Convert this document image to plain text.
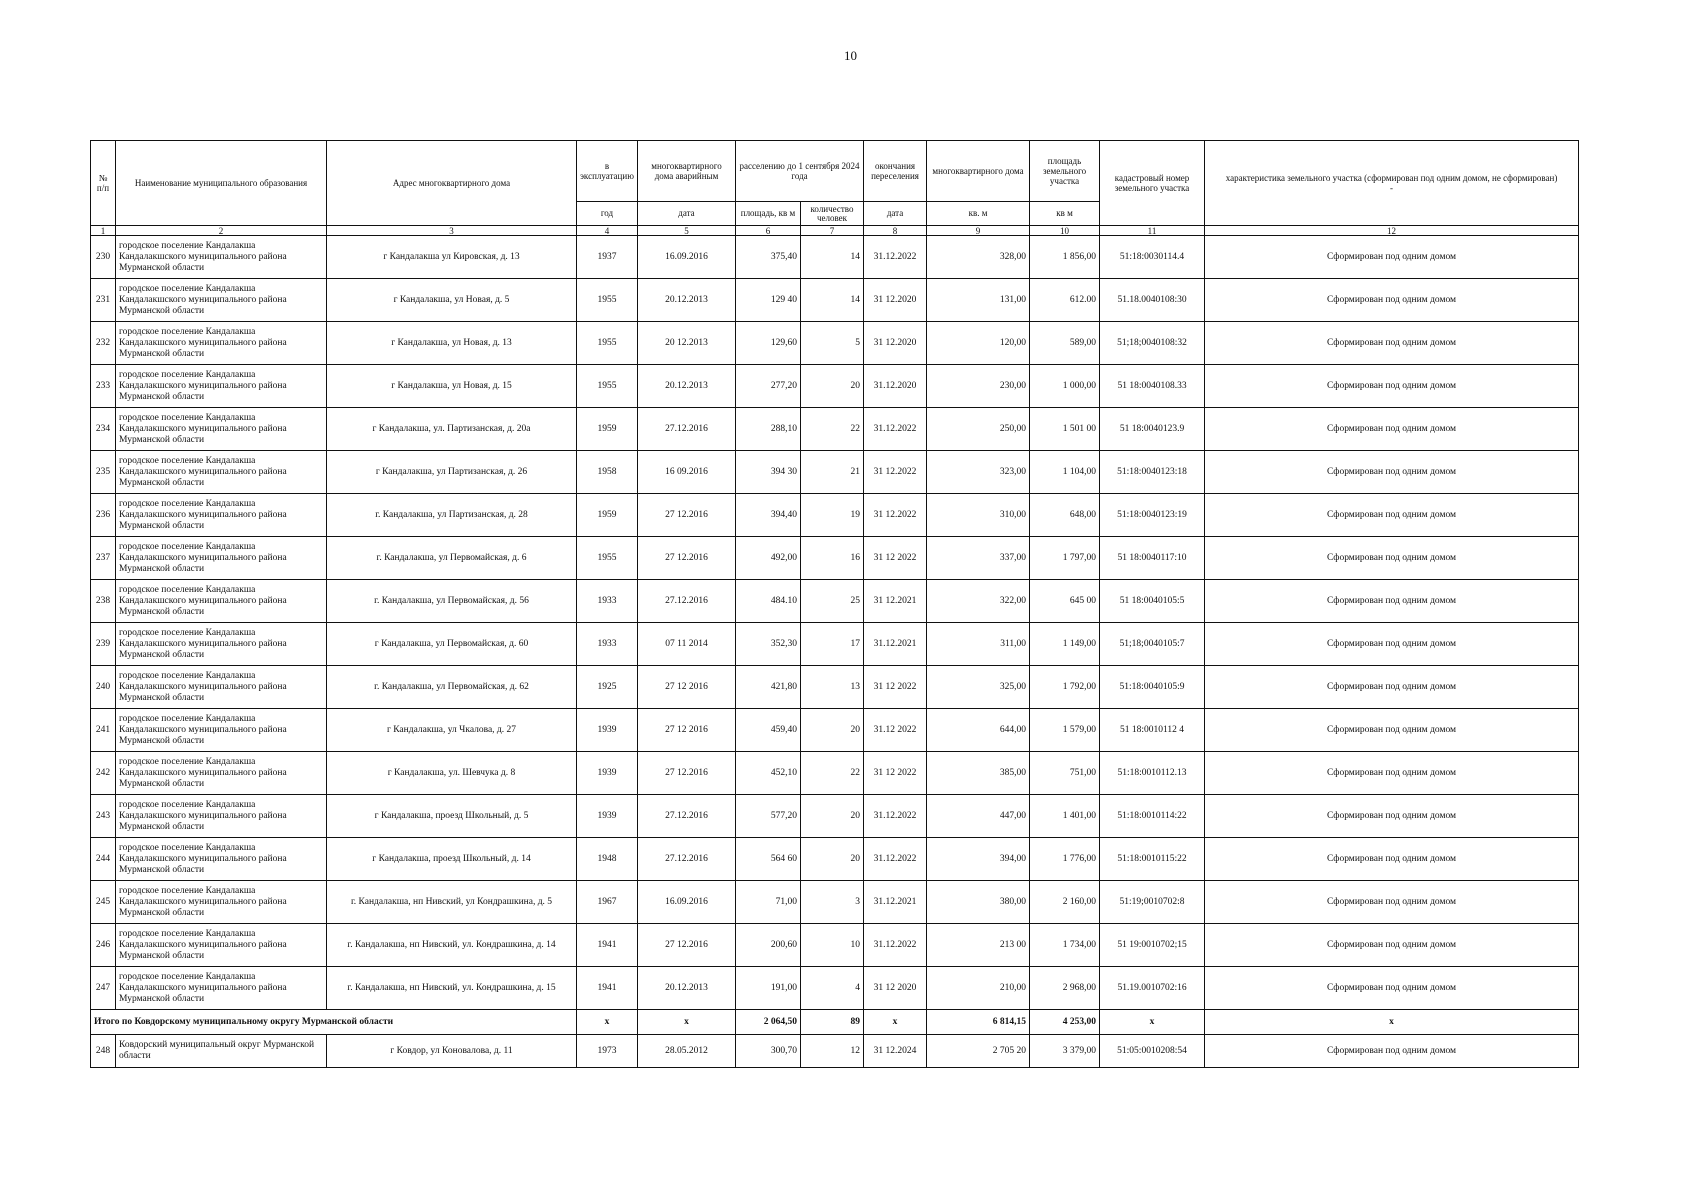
10
№ п/п	Наименование муниципального образования	Адрес многоквартирного дома	в эксплуатацию	многоквартирного дома аварийным	расселению до 1 сентября 2024 года		окончания переселения	многоквартирного дома	площадь земельного участка	кадастровый номер земельного участка	характеристика земельного участка (сформирован под одним домом, не сформирован)
-
			год	дата	площадь, кв м	количество человек	дата	кв. м	кв м		
1	2	3	4	5	6	7	8	9	10	11	12
230	городское поселение Кандалакша Кандалакшского муниципального района Мурманской области	г Кандалакша ул Кировская, д. 13	1937	16.09.2016	375,40	14	31.12.2022	328,00	1 856,00	51:18:0030114.4	Сформирован под одним домом
231	городское поселение Кандалакша Кандалакшского муниципального района Мурманской области	г Кандалакша, ул Новая, д. 5	1955	20.12.2013	129 40	14	31 12.2020	131,00	612.00	51.18.0040108:30	Сформирован под одним домом
232	городское поселение Кандалакша Кандалакшского муниципального района Мурманской области	г Кандалакша, ул Новая, д. 13	1955	20 12.2013	129,60	5	31 12.2020	120,00	589,00	51;18;0040108:32	Сформирован под одним домом
233	городское поселение Кандалакша Кандалакшского муниципального района Мурманской области	г Кандалакша, ул Новая, д. 15	1955	20.12.2013	277,20	20	31.12.2020	230,00	1 000,00	51 18:0040108.33	Сформирован под одним домом
234	городское поселение Кандалакша Кандалакшского муниципального района Мурманской области	г Кандалакша, ул. Партизанская, д. 20а	1959	27.12.2016	288,10	22	31.12.2022	250,00	1 501 00	51 18:0040123.9	Сформирован под одним домом
235	городское поселение Кандалакша Кандалакшского муниципального района Мурманской области	г Кандалакша, ул Партизанская, д. 26	1958	16 09.2016	394 30	21	31 12.2022	323,00	1 104,00	51:18:0040123:18	Сформирован под одним домом
236	городское поселение Кандалакша Кандалакшского муниципального района Мурманской области	г. Кандалакша, ул Партизанская, д. 28	1959	27 12.2016	394,40	19	31 12.2022	310,00	648,00	51:18:0040123:19	Сформирован под одним домом
237	городское поселение Кандалакша Кандалакшского муниципального района Мурманской области	г. Кандалакша, ул Первомайская, д. 6	1955	27 12.2016	492,00	16	31 12 2022	337,00	1 797,00	51 18:0040117:10	Сформирован под одним домом
238	городское поселение Кандалакша Кандалакшского муниципального района Мурманской области	г. Кандалакша, ул Первомайская, д. 56	1933	27.12.2016	484.10	25	31 12.2021	322,00	645 00	51 18:0040105:5	Сформирован под одним домом
239	городское поселение Кандалакша Кандалакшского муниципального района Мурманской области	г Кандалакша, ул Первомайская, д. 60	1933	07 11 2014	352,30	17	31.12.2021	311,00	1 149,00	51;18;0040105:7	Сформирован под одним домом
240	городское поселение Кандалакша Кандалакшского муниципального района Мурманской области	г. Кандалакша, ул Первомайская, д. 62	1925	27 12 2016	421,80	13	31 12 2022	325,00	1 792,00	51:18:0040105:9	Сформирован под одним домом
241	городское поселение Кандалакша Кандалакшского муниципального района Мурманской области	г Кандалакша, ул Чкалова, д. 27	1939	27 12 2016	459,40	20	31.12 2022	644,00	1 579,00	51 18:0010112 4	Сформирован под одним домом
242	городское поселение Кандалакша Кандалакшского муниципального района Мурманской области	г Кандалакша, ул. Шевчука д. 8	1939	27 12.2016	452,10	22	31 12 2022	385,00	751,00	51:18:0010112.13	Сформирован под одним домом
243	городское поселение Кандалакша Кандалакшского муниципального района Мурманской области	г Кандалакша, проезд Школьный, д. 5	1939	27.12.2016	577,20	20	31.12.2022	447,00	1 401,00	51:18:0010114:22	Сформирован под одним домом
244	городское поселение Кандалакша Кандалакшского муниципального района Мурманской области	г Кандалакша, проезд Школьный, д. 14	1948	27.12.2016	564 60	20	31.12.2022	394,00	1 776,00	51:18:0010115:22	Сформирован под одним домом
245	городское поселение Кандалакша Кандалакшского муниципального района Мурманской области	г. Кандалакша, нп Нивский, ул Кондрашкина, д. 5	1967	16.09.2016	71,00	3	31.12.2021	380,00	2 160,00	51:19;0010702:8	Сформирован под одним домом
246	городское поселение Кандалакша Кандалакшского муниципального района Мурманской области	г. Кандалакша, нп Нивский, ул. Кондрашкина, д. 14	1941	27 12.2016	200,60	10	31.12.2022	213 00	1 734,00	51 19:0010702;15	Сформирован под одним домом
247	городское поселение Кандалакша Кандалакшского муниципального района Мурманской области	г. Кандалакша, нп Нивский, ул. Кондрашкина, д. 15	1941	20.12.2013	191,00	4	31 12 2020	210,00	2 968,00	51.19.0010702:16	Сформирован под одним домом
Итого по Ковдорскому муниципальному округу Мурманской области			х	х	2 064,50	89	х	6 814,15	4 253,00	х	х
248	Ковдорский муниципальный округ Мурманской области	г Ковдор, ул Коновалова, д. 11	1973	28.05.2012	300,70	12	31 12.2024	2 705 20	3 379,00	51:05:0010208:54	Сформирован под одним домом
